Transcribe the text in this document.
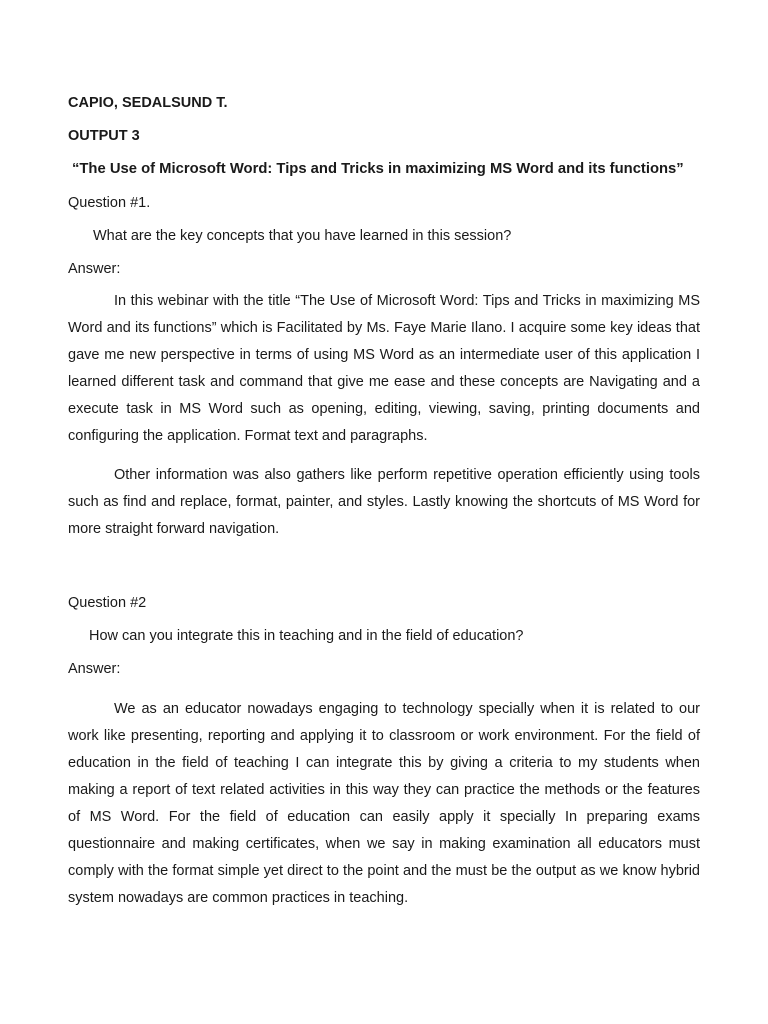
CAPIO, SEDALSUND T.
OUTPUT 3
“The Use of Microsoft Word: Tips and Tricks in maximizing MS Word and its functions”
Question #1.
What are the key concepts that you have learned in this session?
Answer:

In this webinar with the title “The Use of Microsoft Word: Tips and Tricks in maximizing MS Word and its functions” which is Facilitated by Ms. Faye Marie Ilano. I acquire some key ideas that gave me new perspective in terms of using MS Word as an intermediate user of this application I learned different task and command that give me ease and these concepts are Navigating and a execute task in MS Word such as opening, editing, viewing, saving, printing documents and configuring the application. Format text and paragraphs.

Other information was also gathers like perform repetitive operation efficiently using tools such as find and replace, format, painter, and styles. Lastly knowing the shortcuts of MS Word for more straight forward navigation.

Question #2
How can you integrate this in teaching and in the field of education?
Answer:

We as an educator nowadays engaging to technology specially when it is related to our work like presenting, reporting and applying it to classroom or work environment. For the field of education in the field of teaching I can integrate this by giving a criteria to my students when making a report of text related activities in this way they can practice the methods or the features of MS Word. For the field of education can easily apply it specially In preparing exams questionnaire and making certificates, when we say in making examination all educators must comply with the format simple yet direct to the point and the must be the output as we know hybrid system nowadays are common practices in teaching.
